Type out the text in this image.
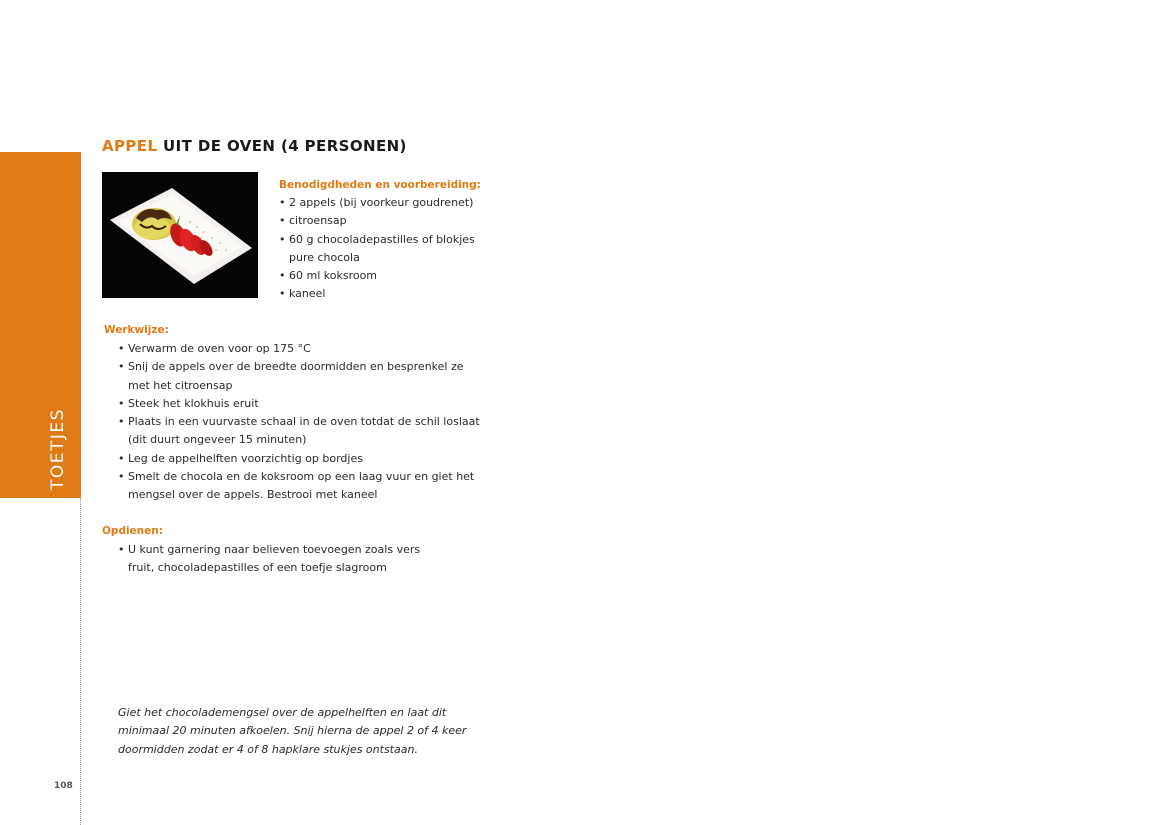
TOETJES
108
APPEL UIT DE OVEN (4 PERSONEN)

Benodigdheden en voorbereiding:

• 2 appels (bij voorkeur goudrenet)
• citroensap
• 60 g chocoladepastilles of blokjes pure chocola
• 60 ml koksroom
• kaneel

Werkwijze:

• Verwarm de oven voor op 175 °C
• Snij de appels over de breedte doormidden en besprenkel ze met het citroensap
• Steek het klokhuis eruit
• Plaats in een vuurvaste schaal in de oven totdat de schil loslaat (dit duurt ongeveer 15 minuten)
• Leg de appelhelften voorzichtig op bordjes
• Smelt de chocola en de koksroom op een laag vuur en giet het mengsel over de appels. Bestrooi met kaneel

Opdienen:

• U kunt garnering naar believen toevoegen zoals vers fruit, chocoladepastilles of een toefje slagroom

Giet het chocolademengsel over de appelhelften en laat dit minimaal 20 minuten afkoelen. Snij hierna de appel 2 of 4 keer doormidden zodat er 4 of 8 hapklare stukjes ontstaan.
